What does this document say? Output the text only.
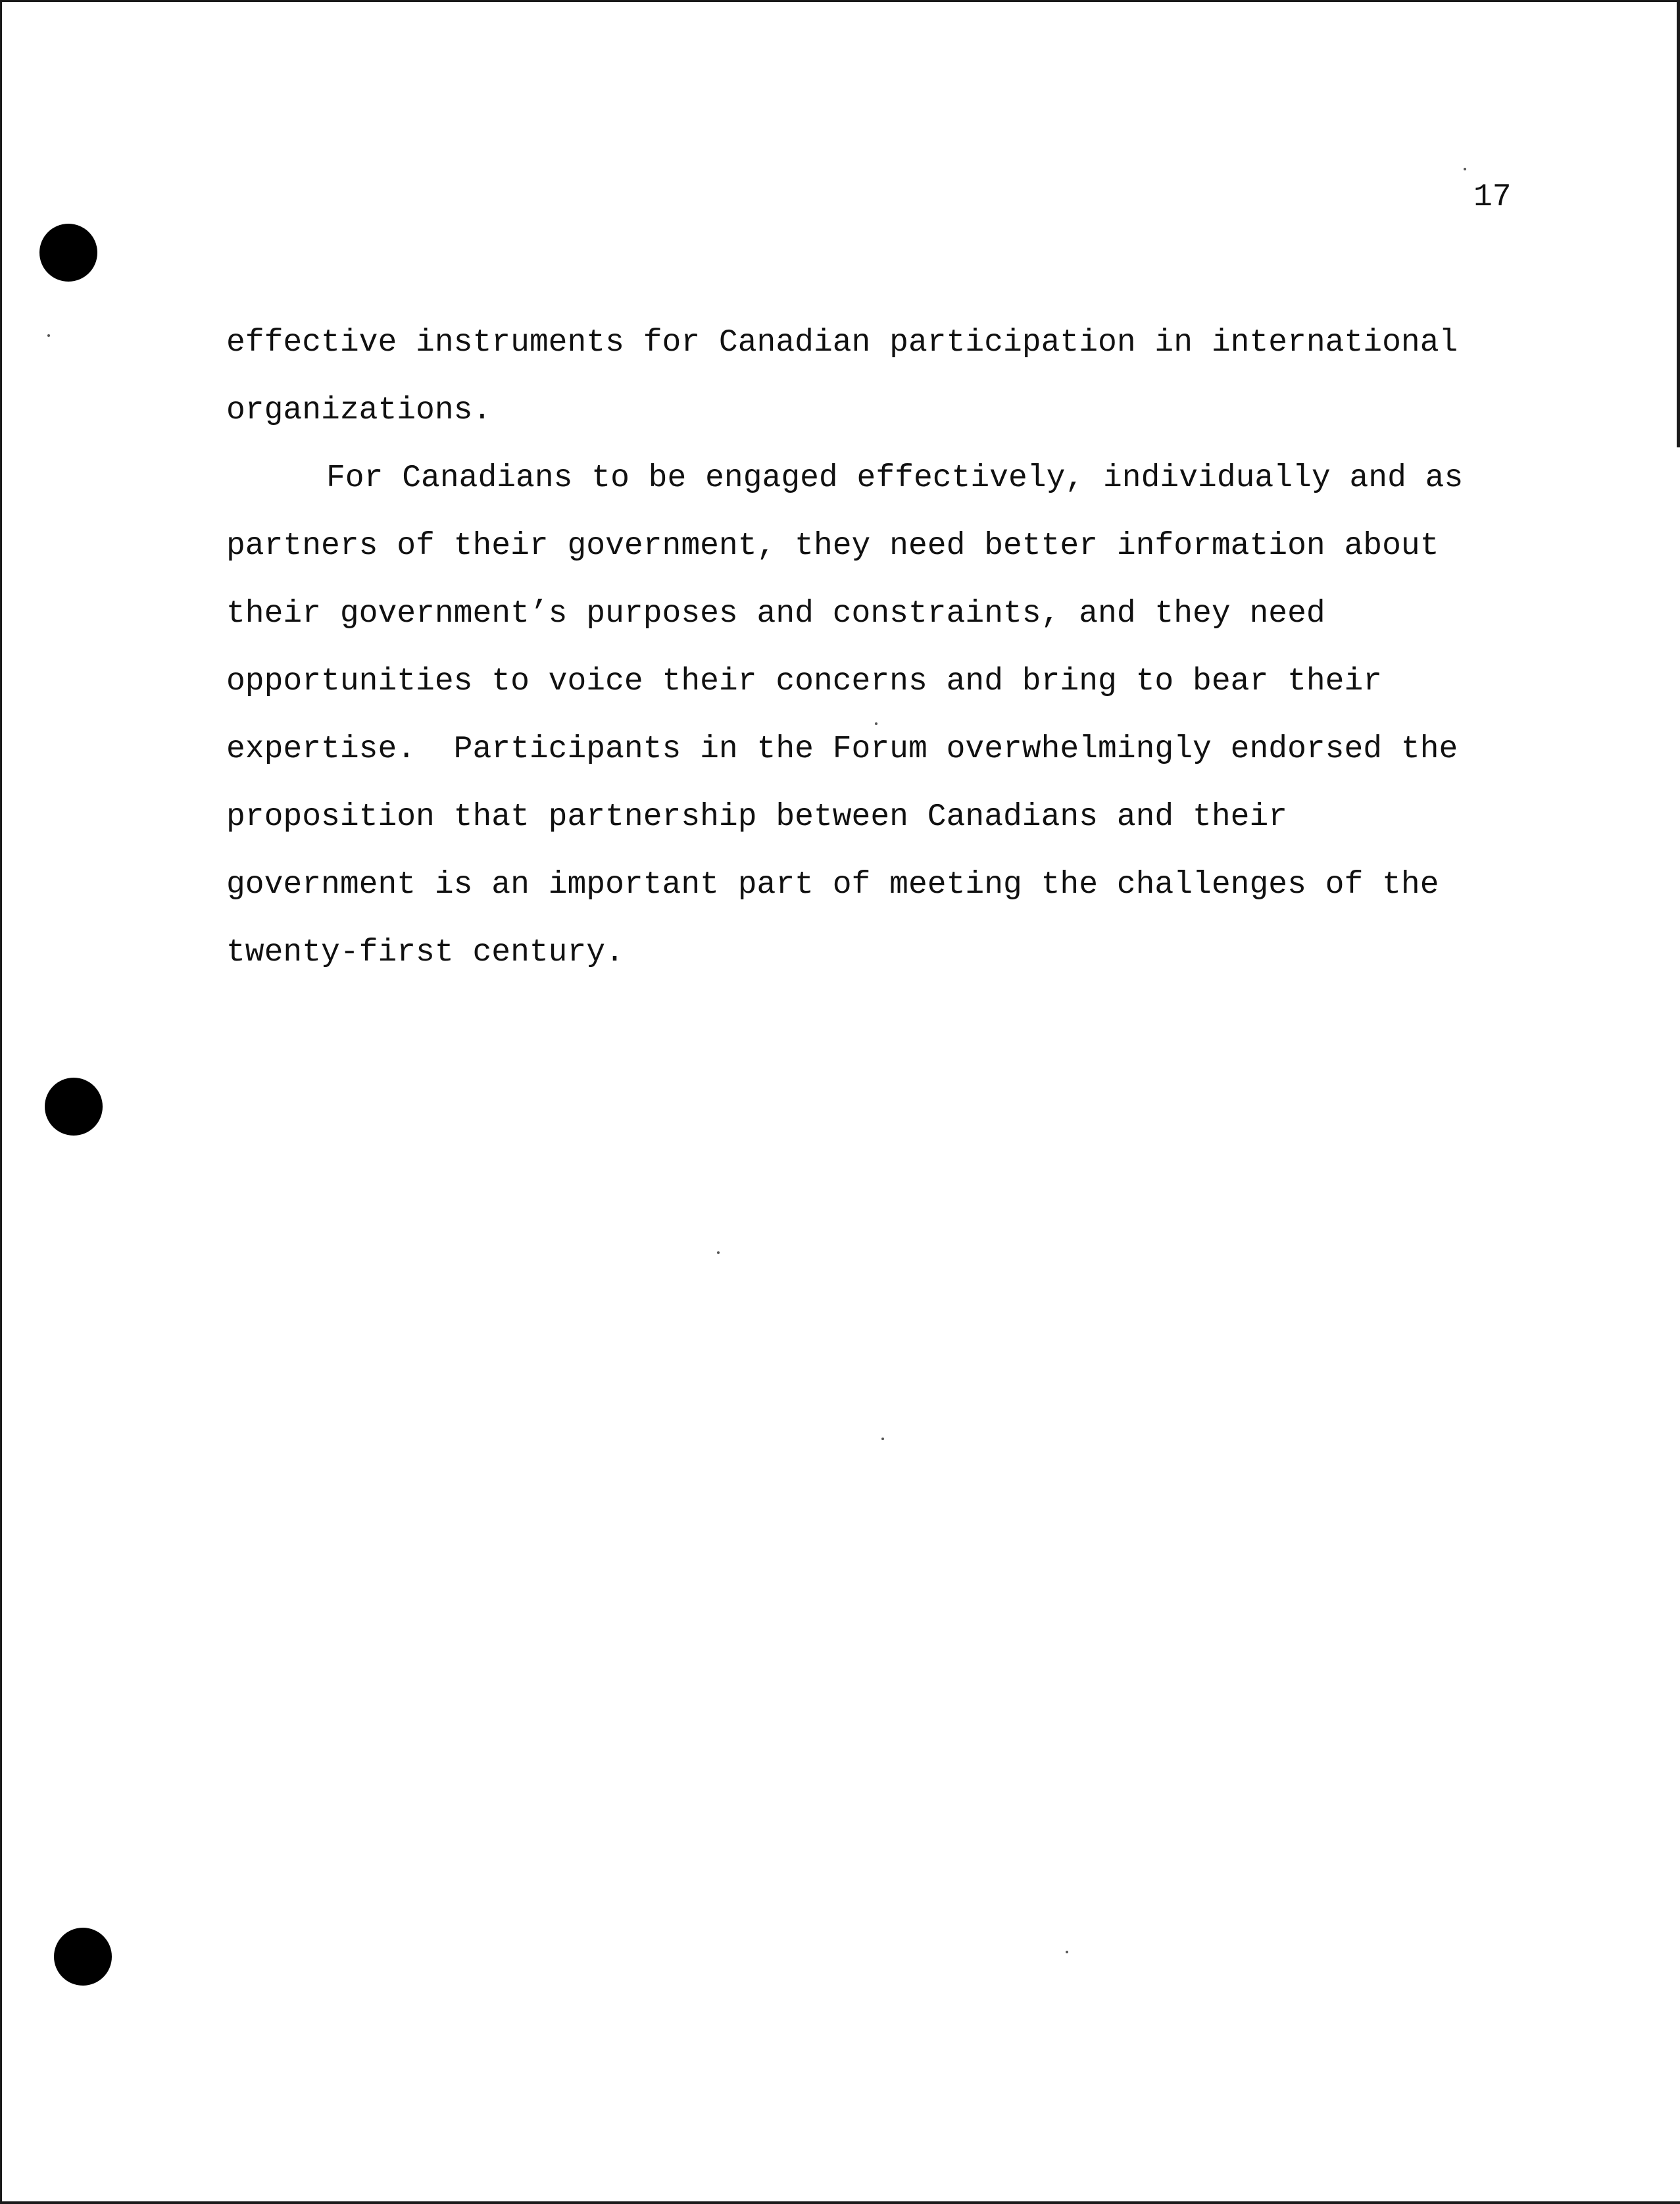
17
effective instruments for Canadian participation in international
organizations.
For Canadians to be engaged effectively, individually and as
partners of their government, they need better information about
their government’s purposes and constraints, and they need
opportunities to voice their concerns and bring to bear their
expertise.  Participants in the Forum overwhelmingly endorsed the
proposition that partnership between Canadians and their
government is an important part of meeting the challenges of the
twenty-first century.
